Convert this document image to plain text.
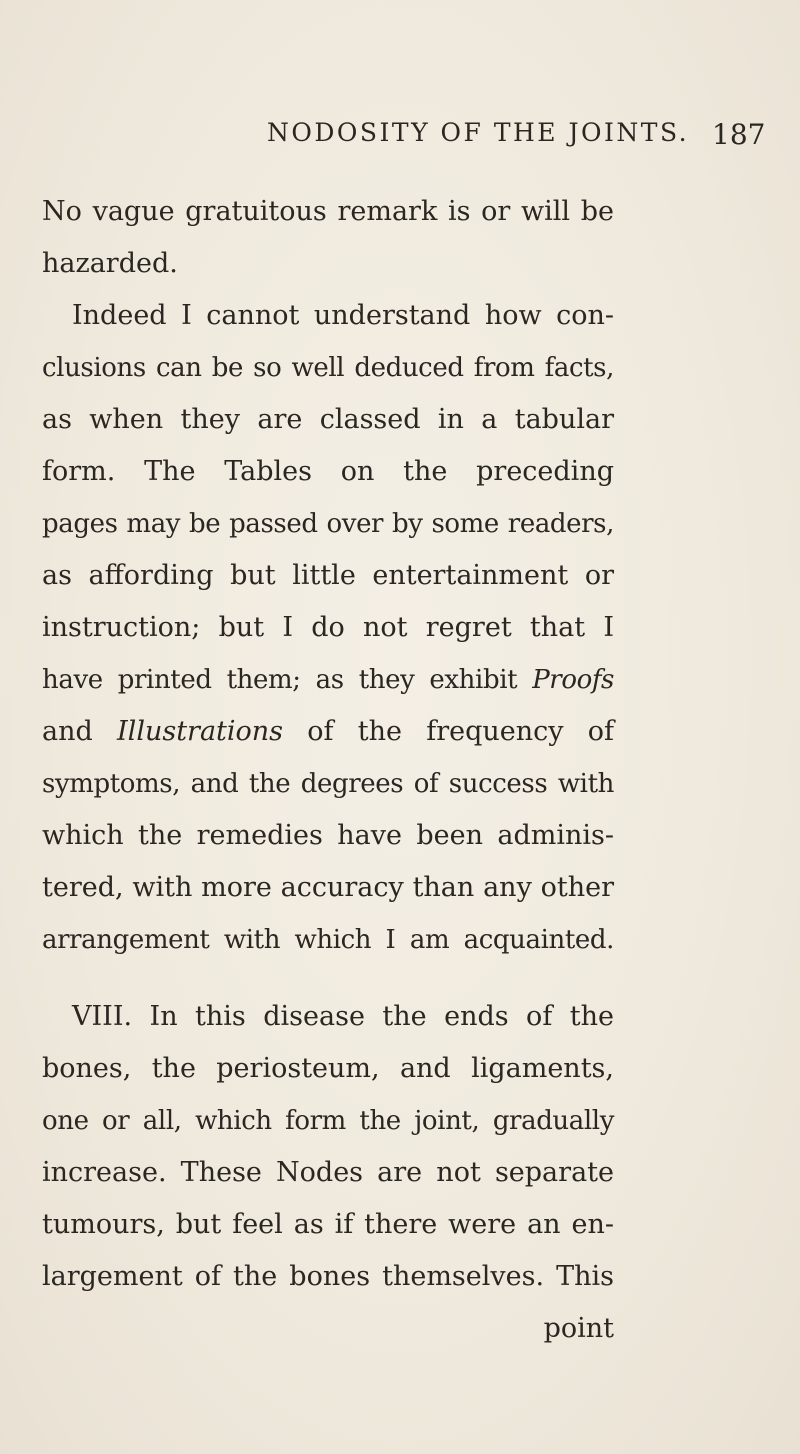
NODOSITY OF THE JOINTS. 187
No vague gratuitous remark is or will be
hazarded.
Indeed I cannot understand how con-
clusions can be so well deduced from facts,
as when they are classed in a tabular
form. The Tables on the preceding
pages may be passed over by some readers,
as affording but little entertainment or
instruction; but I do not regret that I
have printed them; as they exhibit Proofs
and Illustrations of the frequency of
symptoms, and the degrees of success with
which the remedies have been adminis-
tered, with more accuracy than any other
arrangement with which I am acquainted.
VIII. In this disease the ends of the
bones, the periosteum, and ligaments,
one or all, which form the joint, gradually
increase. These Nodes are not separate
tumours, but feel as if there were an en-
largement of the bones themselves. This
point
